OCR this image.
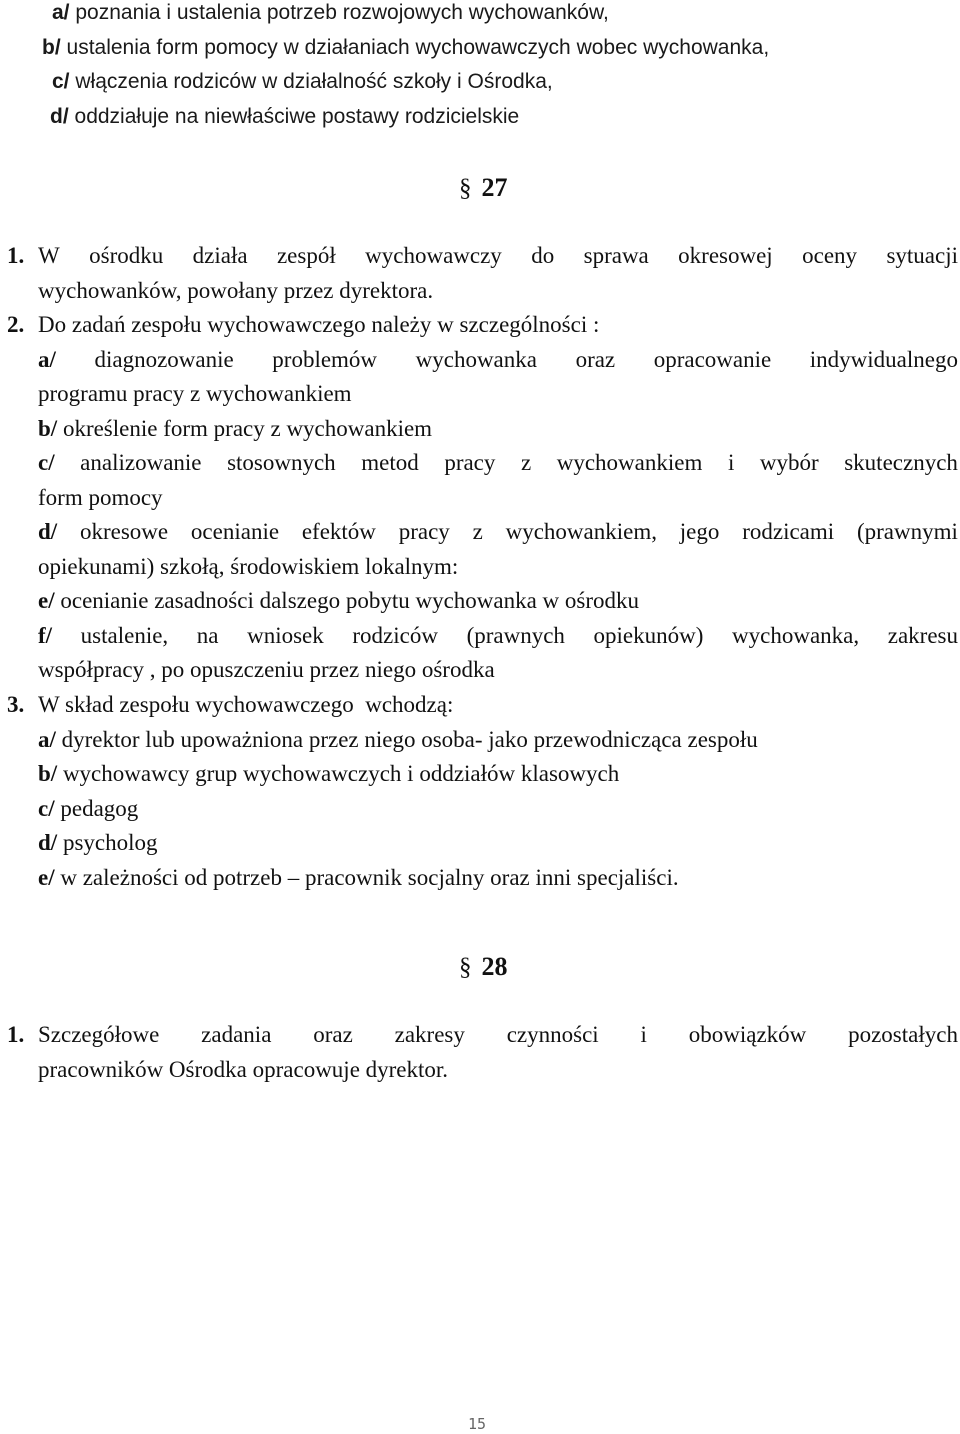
a/ poznania i ustalenia potrzeb rozwojowych wychowanków,
b/ ustalenia form pomocy w działaniach wychowawczych wobec wychowanka,
c/ włączenia rodziców w działalność szkoły i Ośrodka,
d/ oddziałuje na niewłaściwe postawy rodzicielskie
§ 27
1. W ośrodku działa zespół wychowawczy do sprawa okresowej oceny sytuacji
wychowanków, powołany przez dyrektora.
2. Do zadań zespołu wychowawczego należy w szczególności :
a/ diagnozowanie problemów wychowanka oraz opracowanie indywidualnego
programu pracy z wychowankiem
b/ określenie form pracy z wychowankiem
c/ analizowanie stosownych metod pracy z wychowankiem i wybór skutecznych
form pomocy
d/ okresowe ocenianie efektów pracy z wychowankiem, jego rodzicami (prawnymi
opiekunami) szkołą, środowiskiem lokalnym:
e/ ocenianie zasadności dalszego pobytu wychowanka w ośrodku
f/ ustalenie, na wniosek rodziców (prawnych opiekunów) wychowanka, zakresu
współpracy , po opuszczeniu przez niego ośrodka
3. W skład zespołu wychowawczego  wchodzą:
a/ dyrektor lub upoważniona przez niego osoba- jako przewodnicząca zespołu
b/ wychowawcy grup wychowawczych i oddziałów klasowych
c/ pedagog
d/ psycholog
e/ w zależności od potrzeb – pracownik socjalny oraz inni specjaliści.
§ 28
1. Szczegółowe zadania oraz zakresy czynności i obowiązków pozostałych
pracowników Ośrodka opracowuje dyrektor.
15
